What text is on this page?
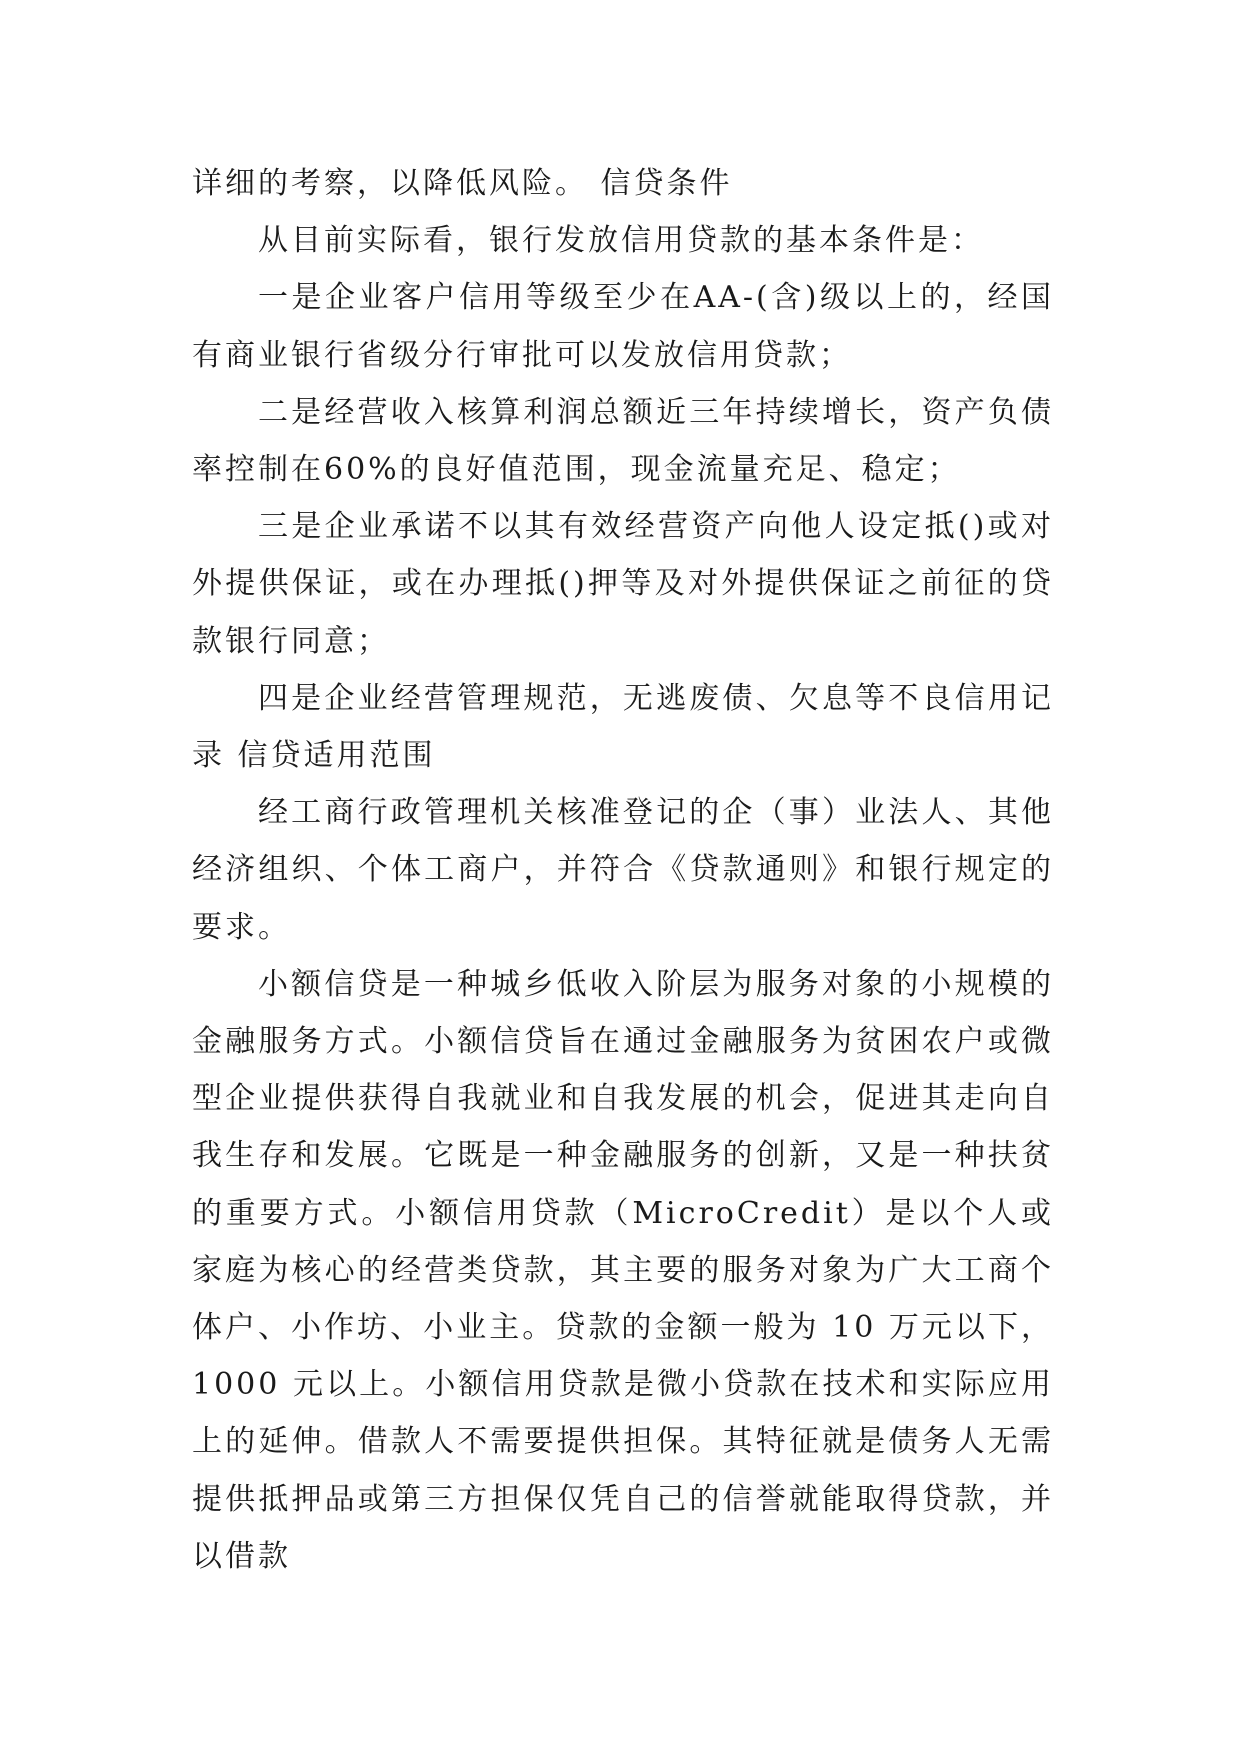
详细的考察，以降低风险。 信贷条件

从目前实际看，银行发放信用贷款的基本条件是：

一是企业客户信用等级至少在AA-(含)级以上的，经国有商业银行省级分行审批可以发放信用贷款；

二是经营收入核算利润总额近三年持续增长，资产负债率控制在60%的良好值范围，现金流量充足、稳定；

三是企业承诺不以其有效经营资产向他人设定抵()或对外提供保证，或在办理抵()押等及对外提供保证之前征的贷款银行同意；

四是企业经营管理规范，无逃废债、欠息等不良信用记录 信贷适用范围

经工商行政管理机关核准登记的企（事）业法人、其他经济组织、个体工商户，并符合《贷款通则》和银行规定的要求。

小额信贷是一种城乡低收入阶层为服务对象的小规模的金融服务方式。小额信贷旨在通过金融服务为贫困农户或微型企业提供获得自我就业和自我发展的机会，促进其走向自我生存和发展。它既是一种金融服务的创新，又是一种扶贫的重要方式。小额信用贷款（MicroCredit）是以个人或家庭为核心的经营类贷款，其主要的服务对象为广大工商个体户、小作坊、小业主。贷款的金额一般为 10 万元以下，1000 元以上。小额信用贷款是微小贷款在技术和实际应用上的延伸。借款人不需要提供担保。其特征就是债务人无需提供抵押品或第三方担保仅凭自己的信誉就能取得贷款，并以借款
